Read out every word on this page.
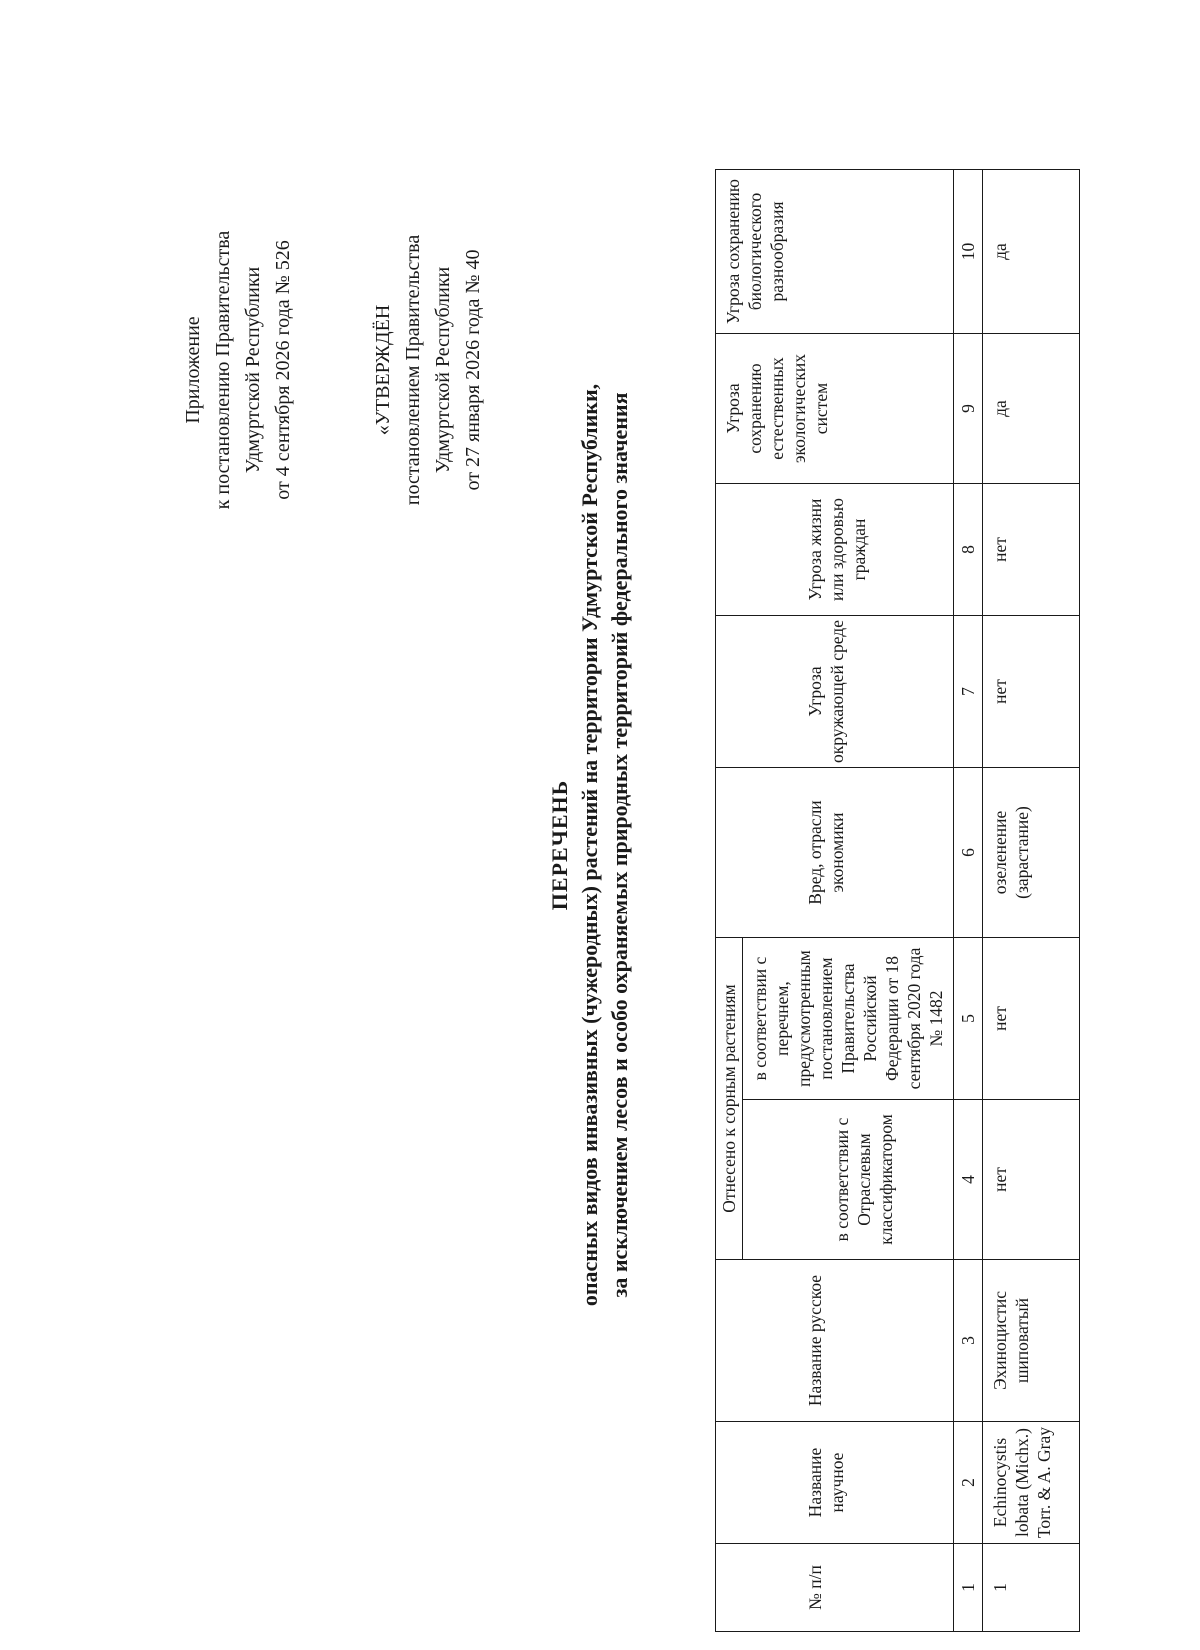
Приложение к постановлению Правительства Удмуртской Республики от 4 сентября 2026 года № 526	«УТВЕРЖДЁН постановлением Правительства Удмуртской Республики от 27 января 2026 года № 40
ПЕРЕЧЕНЬ опасных видов инвазивных (чужеродных) растений на территории Удмуртской Республики, за исключением лесов и особо охраняемых природных территорий федерального значения
№ п/п	Название научное	Название русское	Отнесено к сорным растениям		Вред, отрасли экономики	Угроза окружающей среде	Угроза жизни или здоровью граждан	Угроза сохранению естественных экологических систем	Угроза сохранению биологического разнообразия
			в соответствии с Отраслевым классификатором	в соответствии с перечнем, предусмотренным постановлением Правительства Российской Федерации от 18 сентября 2020 года № 1482					
1	2	3	4	5	6	7	8	9	10
1	Echinocystis lobata (Michx.) Torr. & A. Gray	Эхиноцистис шиповатый	нет	нет	озеленение (зарастание)	нет	нет	да	да
